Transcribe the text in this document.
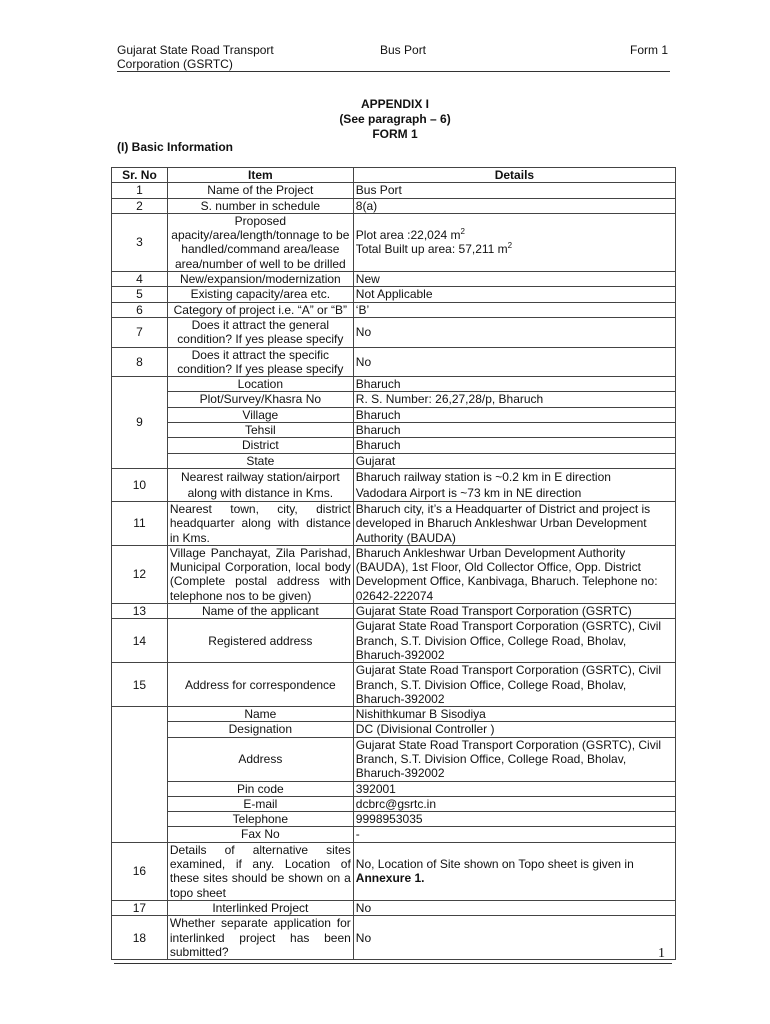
Gujarat State Road Transport
Corporation (GSRTC)
Bus Port	Form 1
APPENDIX I
(See paragraph – 6)
FORM 1
(I) Basic Information
Sr. No	Item	Details
1	Name of the Project	Bus Port
2	S. number in schedule	8(a)
3	Proposed apacity/area/length/tonnage to be handled/command area/lease area/number of well to be drilled	Plot area :22,024 $m^2$
Total Built up area: 57,211 $m^2$

4	New/expansion/modernization	New
5	Existing capacity/area etc.	Not Applicable
6	Category of project i.e. “A” or “B”	‘B’
7	Does it attract the general condition? If yes please specify	No
8	Does it attract the specific condition? If yes please specify	No
9	Location	Bharuch
	Plot/Survey/Khasra No	R. S. Number: 26,27,28/p, Bharuch
	Village	Bharuch
	Tehsil	Bharuch
	District	Bharuch
	State	Gujarat
10	Nearest railway station/airport along with distance in Kms.	Bharuch railway station is ~0.2 km in E direction
Vadodara Airport is ~73 km in NE direction

11	Nearest town, city, district headquarter along with distance in Kms.	Bharuch city, it’s a Headquarter of District and project is developed in Bharuch Ankleshwar Urban Development Authority (BAUDA)
12	Village Panchayat, Zila Parishad, Municipal Corporation, local body (Complete postal address with telephone nos to be given)	Bharuch Ankleshwar Urban Development Authority (BAUDA), 1st Floor, Old Collector Office, Opp. District Development Office, Kanbivaga, Bharuch. Telephone no: 02642-222074
13	Name of the applicant	Gujarat State Road Transport Corporation (GSRTC)
14	Registered address	Gujarat State Road Transport Corporation (GSRTC), Civil Branch, S.T. Division Office, College Road, Bholav, Bharuch-392002
15	Address for correspondence	Gujarat State Road Transport Corporation (GSRTC), Civil Branch, S.T. Division Office, College Road, Bholav, Bharuch-392002
	Name	Nishithkumar B Sisodiya
	Designation	DC (Divisional Controller )
	Address	Gujarat State Road Transport Corporation (GSRTC), Civil Branch, S.T. Division Office, College Road, Bholav, Bharuch-392002
	Pin code	392001
	E-mail	dcbrc@gsrtc.in
	Telephone	9998953035
	Fax No	-
16	Details of alternative sites examined, if any. Location of these sites should be shown on a topo sheet	No, Location of Site shown on Topo sheet is given in Annexure 1.
17	Interlinked Project	No
18	Whether separate application for interlinked project has been submitted?	No
1
